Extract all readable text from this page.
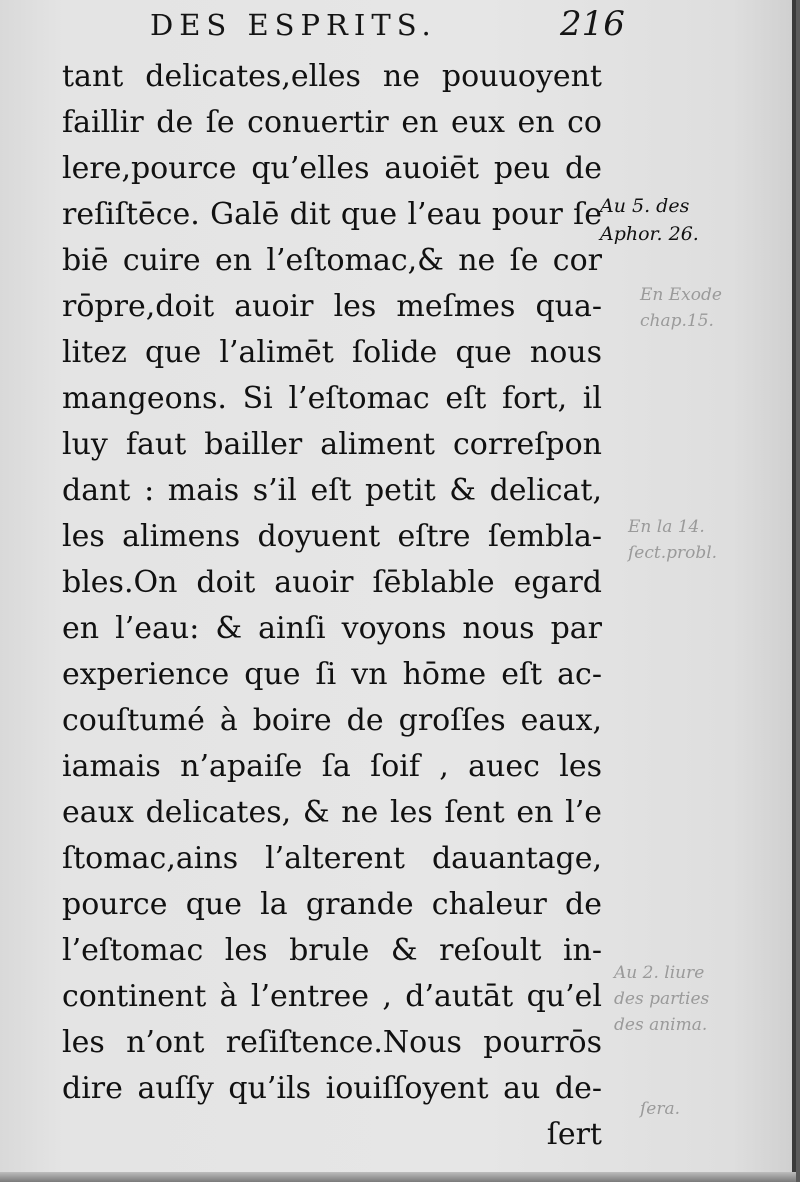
DES ESPRITS.	216
tant delicates,elles ne pouuoyent
faillir de ſe conuertir en eux en co
lere,pource qu’elles auoiēt peu de
reſiſtēce. Galē dit que l’eau pour ſe
biē cuire en l’eſtomac,& ne ſe cor
rōpre,doit auoir les meſmes qua-
litez que l’alimēt ſolide que nous
mangeons. Si l’eſtomac eſt fort, il
luy faut bailler aliment correſpon
dant : mais s’il eſt petit & delicat,
les alimens doyuent eſtre ſembla-
bles.On doit auoir ſēblable egard
en l’eau: & ainſi voyons nous par
experience que ſi vn hōme eſt ac-
couſtumé à boire de groſſes eaux,
iamais n’apaiſe ſa ſoif , auec les
eaux delicates, & ne les ſent en l’e
ſtomac,ains l’alterent dauantage,
pource que la grande chaleur de
l’eſtomac les brule & reſoult in-
continent à l’entree , d’autāt qu’el
les n’ont reſiſtence.Nous pourrōs
dire auſſy qu’ils iouiſſoyent au de-
ſert
Au 5. des
Aphor. 26.
En Exode
chap.15.
En la 14.
ſect.probl.
Au 2. liure
des parties
des anima.
ſera.
